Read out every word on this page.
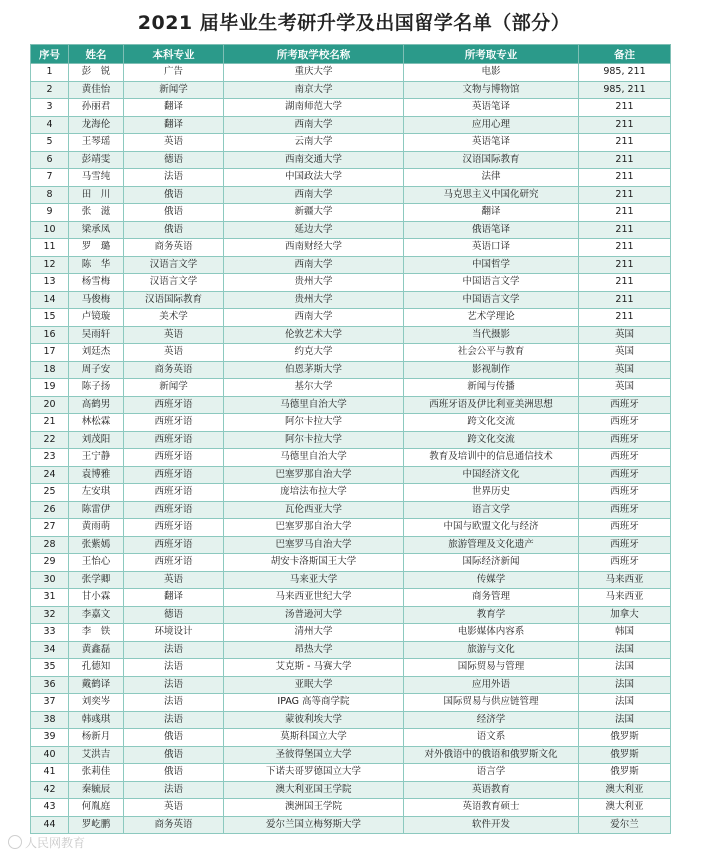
2021 届毕业生考研升学及出国留学名单（部分）
序号	姓名	本科专业	所考取学校名称	所考取专业	备注
1	彭　锐	广告	重庆大学	电影	985, 211
2	黄佳怡	新闻学	南京大学	文物与博物馆	985, 211
3	孙丽君	翻译	湖南师范大学	英语笔译	211
4	龙海伦	翻译	西南大学	应用心理	211
5	王琴瑶	英语	云南大学	英语笔译	211
6	彭靖雯	德语	西南交通大学	汉语国际教育	211
7	马雪纯	法语	中国政法大学	法律	211
8	田　川	俄语	西南大学	马克思主义中国化研究	211
9	张　滋	俄语	新疆大学	翻译	211
10	梁承凤	俄语	延边大学	俄语笔译	211
11	罗　璐	商务英语	西南财经大学	英语口译	211
12	陈　华	汉语言文学	西南大学	中国哲学	211
13	杨雪梅	汉语言文学	贵州大学	中国语言文学	211
14	马俊梅	汉语国际教育	贵州大学	中国语言文学	211
15	卢镜璇	美术学	西南大学	艺术学理论	211
16	吴雨轩	英语	伦敦艺术大学	当代摄影	英国
17	刘廷杰	英语	约克大学	社会公平与教育	英国
18	周子安	商务英语	伯恩茅斯大学	影视制作	英国
19	陈子扬	新闻学	基尔大学	新闻与传播	英国
20	高鹤男	西班牙语	马德里自治大学	西班牙语及伊比利亚美洲思想	西班牙
21	林松霖	西班牙语	阿尔卡拉大学	跨文化交流	西班牙
22	刘茂阳	西班牙语	阿尔卡拉大学	跨文化交流	西班牙
23	王宁静	西班牙语	马德里自治大学	教育及培训中的信息通信技术	西班牙
24	袁博雅	西班牙语	巴塞罗那自治大学	中国经济文化	西班牙
25	左安琪	西班牙语	庞培法布拉大学	世界历史	西班牙
26	陈雷伊	西班牙语	瓦伦西亚大学	语言文学	西班牙
27	黄雨萌	西班牙语	巴塞罗那自治大学	中国与欧盟文化与经济	西班牙
28	张紫嫣	西班牙语	巴塞罗马自治大学	旅游管理及文化遗产	西班牙
29	王怡心	西班牙语	胡安卡洛斯国王大学	国际经济新闻	西班牙
30	张学卿	英语	马来亚大学	传媒学	马来西亚
31	甘小霖	翻译	马来西亚世纪大学	商务管理	马来西亚
32	李嘉文	德语	汤普逊河大学	教育学	加拿大
33	李　铁	环境设计	清州大学	电影媒体内容系	韩国
34	黄鑫磊	法语	昂热大学	旅游与文化	法国
35	孔德知	法语	艾克斯 - 马赛大学	国际贸易与管理	法国
36	戴鹤译	法语	亚眠大学	应用外语	法国
37	刘奕岑	法语	IPAG 高等商学院	国际贸易与供应链管理	法国
38	韩彧琪	法语	蒙彼利埃大学	经济学	法国
39	杨新月	俄语	莫斯科国立大学	语文系	俄罗斯
40	艾洪吉	俄语	圣彼得堡国立大学	对外俄语中的俄语和俄罗斯文化	俄罗斯
41	张莉佳	俄语	下诺夫哥罗德国立大学	语言学	俄罗斯
42	秦毓辰	法语	澳大利亚国王学院	英语教育	澳大利亚
43	何胤庭	英语	澳洲国王学院	英语教育硕士	澳大利亚
44	罗屹鹏	商务英语	爱尔兰国立梅努斯大学	软件开发	爱尔兰
人民网教育
